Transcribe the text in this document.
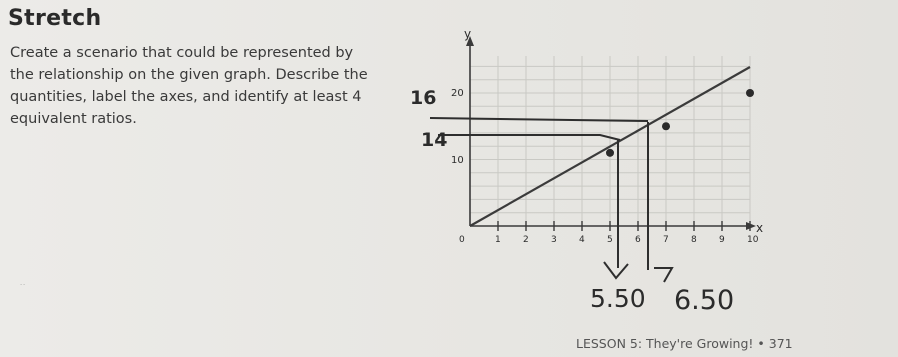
Stretch
Create a scenario that could be represented by
the relationship on the given graph. Describe the
quantities, label the axes, and identify at least 4
equivalent ratios.
˙˙
y
x
10
20
0	1 2 3 4 5 6 7 8 9 10
16
14
5.50 6.50
LESSON 5: They're Growing! • 371
